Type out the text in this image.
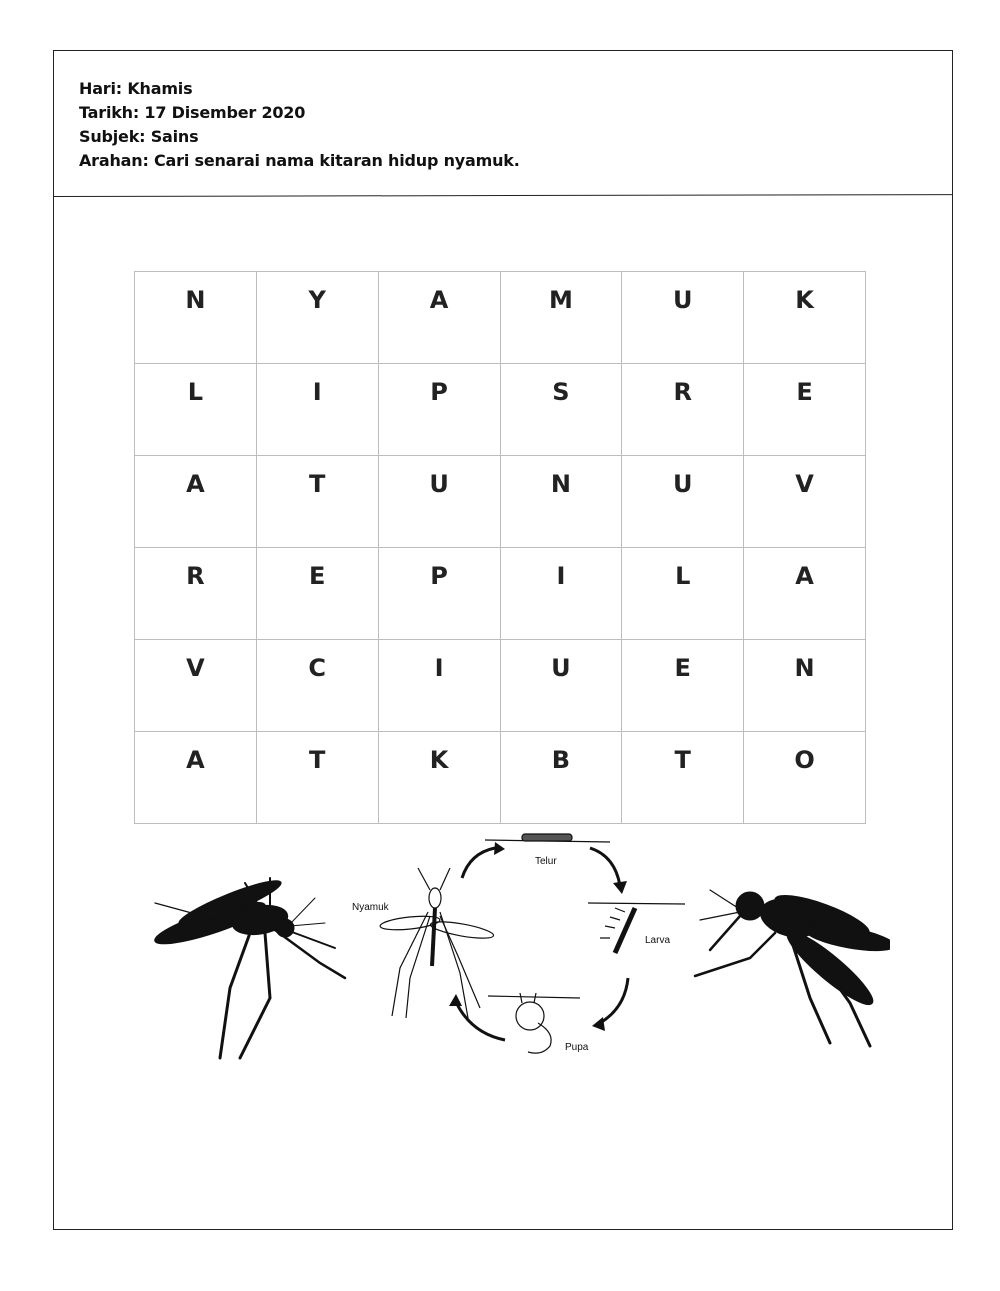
Hari: Khamis
Tarikh: 17 Disember 2020
Subjek: Sains
Arahan: Cari senarai nama kitaran hidup nyamuk.
N	Y	A	M	U	K
L	I	P	S	R	E
A	T	U	N	U	V
R	E	P	I	L	A
V	C	I	U	E	N
A	T	K	B	T	O
Telur
Larva
Pupa
Nyamuk
